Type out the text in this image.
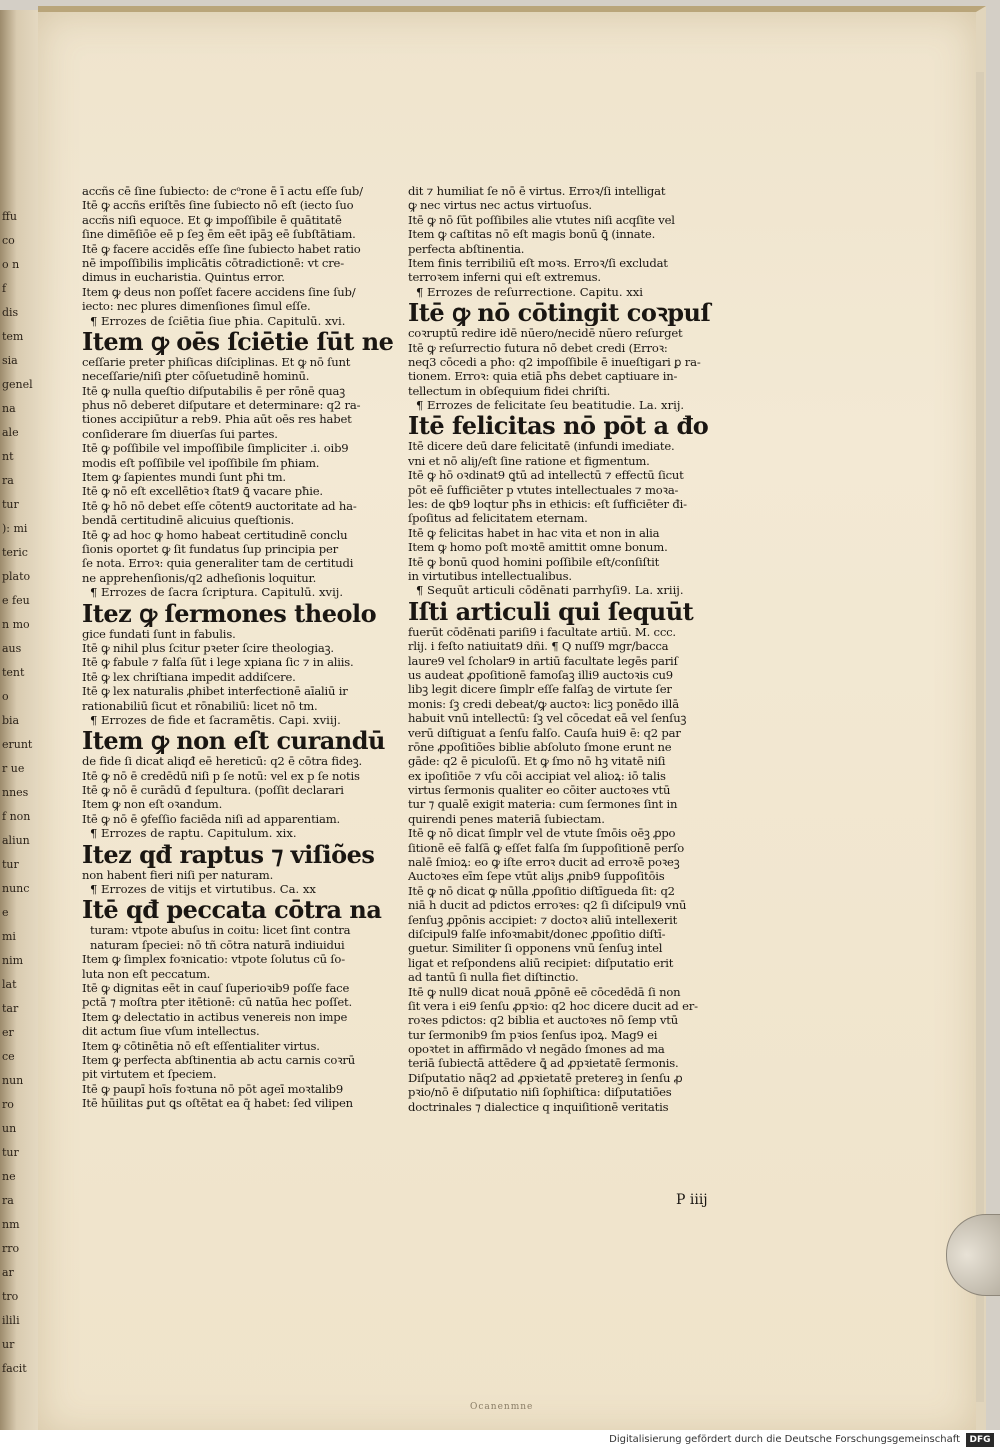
ffu
co
o n
f
dis
tem
sia
genel
na
ale
nt
ra
tur
): mi
teric
plato
e feu
n mo
aus
tent
o
bia
erunt
r ue
nnes
f non
aliun
tur
nunc
e
mi
nim
lat
tar
er
ce
nun
ro
un
tur
ne
ra
nm
rro
ar
tro
ilili
ur
facit
accñs cē ſine ſubiecto: de cᵒrone ē ī actu eſſe ſub/
Itē ꝙ accñs eriſtēs ſine ſubiecto nō eſt (iecto ſuo
accñs niſi equoce. Et ꝙ impoſſibile ē quātitatē
ſine dimēſiōe eē p ſeꝫ ēm eēt ipāꝫ eē ſubſtātiam.
Itē ꝙ facere accidēs eſſe ſine ſubiecto habet ratio
nē impoſſibilis implicātis cōtradictionē: vt cre-
dimus in eucharistia. Quintus error.
Item ꝙ deus non poſſet facere accidens ſine ſub/
iecto: nec plures dimenſiones ſimul eſſe.
¶ Errozes de ſciētia ſiue pħia. Capitulū. xvi.
Item ꝙ oēs ſciētie ſūt ne
ceſſarie preter phiſicas diſciplinas. Et ꝙ nō ſunt
neceſſarie/niſi ꝑter cōſuetudinē hominū.
Itē ꝙ nulla queſtio diſputabilis ē per rōnē quaꝫ
phus nō deberet diſputare et determinare: q2 ra-
tiones accipiūtur a reb9. Phia aūt oēs res habet
conſiderare ſm diuerſas ſui partes.
Itē ꝙ poſſibile vel impoſſibile ſimpliciter .i. oib9
modis eſt poſſibile vel ipoſſibile ſm pħiam.
Item ꝙ ſapientes mundi ſunt pħi tm.
Itē ꝙ nō eſt excellētioꝛ ſtat9 ꝗ̄ vacare pħie.
Itē ꝙ hō nō debet eſſe cōtent9 auctoritate ad ha-
bendā certitudinē alicuius queſtionis.
Itē ꝙ ad hoc ꝙ homo habeat certitudinē conclu
ſionis oportet ꝙ ſit fundatus ſup principia per
ſe nota. Erroꝛ: quia generaliter tam de certitudi
ne apprehenſionis/q2 adheſionis loquitur.
¶ Errozes de ſacra ſcriptura. Capitulū. xvij.
Itez ꝙ ſermones theolo
gice fundati ſunt in fabulis.
Itē ꝙ nihil plus ſcitur pꝛeter ſcire theologiaꝫ.
Itē ꝙ fabule ⁊ falſa ſūt i lege xpiana ſic ⁊ in aliis.
Itē ꝙ lex chriſtiana impedit addiſcere.
Itē ꝙ lex naturalis ꝓhibet interfectionē aīaliū ir
rationabiliū ſicut et rōnabiliū: licet nō tm.
¶ Errozes de fide et ſacramētis. Capi. xviij.
Item ꝙ non eſt curandū
de fide ſi dicat aliqđ eē hereticū: q2 ē cōtra fideꝫ.
Itē ꝙ nō ē credēdū niſi p ſe notū: vel ex p ſe notis
Itē ꝙ nō ē curādū đ ſepultura. (poſſit declarari
Item ꝙ non eſt oꝛandum.
Itē ꝙ nō ē ꝯfeſſio faciēda niſi ad apparentiam.
¶ Errozes de raptu. Capitulum. xix.
Itez qđ raptus ⁊ viſiões
non habent fieri niſi per naturam.
¶ Errozes de vitijs et virtutibus. Ca. xx
Itē qđ peccata cōtra na
turam: vtpote abuſus in coitu: licet ſint contra
naturam ſpeciei: nō tñ cōtra naturā indiuidui
Item ꝙ ſimplex foꝛnicatio: vtpote ſolutus cū ſo-
luta non eſt peccatum.
Itē ꝙ dignitas eēt in cauſ ſuperioꝛib9 poſſe face
pctā ⁊ moſtra pter itētionē: cū natūa hec poſſet.
Item ꝙ delectatio in actibus venereis non impe
dit actum ſiue vſum intellectus.
Item ꝙ cōtinētia nō eſt eſſentialiter virtus.
Item ꝙ perfecta abſtinentia ab actu carnis coꝛrū
pit virtutem et ſpeciem.
Itē ꝙ paupī hoīs foꝛtuna nō pōt ageī moꝛtalib9
Itē hūilitas ꝑut ꝗs oſtētat ea q̄ habet: ſed vilipen
dit ⁊ humiliat ſe nō ē virtus. Erroꝛ/ſi intelligat
ꝙ nec virtus nec actus virtuoſus.
Itē ꝙ nō ſūt poſſibiles alie vtutes niſi acqſite vel
Item ꝙ caſtitas nō eſt magis bonū ꝗ̄ (innate.
perfecta abſtinentia.
Item finis terribiliū eſt moꝛs. Erroꝛ/ſi excludat
terroꝛem inferni qui eſt extremus.
¶ Errozes de reſurrectione. Capitu. xxi
Itē ꝙ nō cōtingit coꝛpuſ
coꝛruptū redire idē nūero/necidē nūero reſurget
Itē ꝙ reſurrectio futura nō debet credi (Erroꝛ:
neq3 cōcedi a pħo: q2 impoſſibile ē inueſtigari ꝑ ra-
tionem. Erroꝛ: quia etiā pħs debet captiuare in-
tellectum in obſequium fidei chriſti.
¶ Errozes de felicitate ſeu beatitudie. La. xrij.
Itē felicitas nō pōt a đo
Itē dicere deū dare felicitatē (infundi imediate.
vni et nō aliȷ/eſt ſine ratione et figmentum.
Itē ꝙ hō oꝛdinat9 ꝗtū ad intellectū ⁊ effectū ſicut
pōt eē ſufficiēter p vtutes intellectuales ⁊ moꝛa-
les: de ꝗb9 loqtur pħs in ethicis: eſt ſufficiēter đi-
ſpoſitus ad felicitatem eternam.
Itē ꝙ felicitas habet in hac vita et non in alia
Item ꝙ homo poſt moꝛtē amittit omne bonum.
Itē ꝙ bonū quod homini poſſibile eſt/conſiſtit
in virtutibus intellectualibus.
¶ Sequūt articuli cōdēnati parrhyſi9. La. xriij.
Iſti articuli qui ſequūt
fuerūt cōdēnati pariſi9 i facultate artiū. M. ccc.
rlij. i feſto natiuitat9 dñi. ¶ Q nuſſ9 mgr/bacca
laure9 vel ſcholar9 in artiū facultate legēs pariſ
us audeat ꝓpoſitionē famoſaꝫ illi9 auctoꝛis cu9
libꝫ legit dicere ſimplr eſſe falſaꝫ de virtute ſer
monis: ſꝫ credi debeat/ꝙ auctoꝛ: licꝫ ponēdo illā
habuit vnū intellectū: ſꝫ vel cōcedat eā vel ſenſuꝫ
verū diſtiguat a ſenſu falſo. Cauſa hui9 ē: q2 par
rōne ꝓpoſitiões biblie abſoluto ſmone erunt ne
gāde: q2 ē piculoſū. Et ꝙ ſmo nō hꝫ vitatē niſi
ex ipoſitiōe ⁊ vſu cōi accipiat vel alioꝝ: iō talis
virtus ſermonis qualiter eo cōiter auctoꝛes vtū
tur ⁊ qualē exigit materia: cum ſermones ſint in
quirendi penes materiā ſubiectam.
Itē ꝙ nō dicat ſimplr vel de vtute ſmōis oēꝫ ꝓpo
ſitionē eē falſā ꝙ eſſet falſa ſm ſuppoſitionē perſo
nalē ſmioꝝ: eo ꝙ iſte erroꝛ ducit ad erroꝛē poꝛeꝫ
Auctoꝛes eīm ſepe vtūt aliȷs ꝓnib9 ſuppoſitōis
Itē ꝙ nō dicat ꝙ nūlla ꝓpoſitio diſtīgueda ſit: q2
niā h ducit ad pdictos erroꝛes: q2 ſi diſcipul9 vnū
ſenſuꝫ ꝓpōnis accipiet: ⁊ doctoꝛ aliū intellexerit
diſcipul9 falſe infoꝛmabit/donec ꝓpoſitio diſtī-
guetur. Similiter ſi opponens vnū ſenſuꝫ intel
ligat et reſpondens aliū recipiet: diſputatio erit
ad tantū ſi nulla fiet diſtinctio.
Itē ꝙ null9 dicat nouā ꝓpōnē eē cōcedēdā ſi non
ſit vera i ei9 ſenſu ꝓpꝛio: q2 hoc dicere ducit ad er-
roꝛes pdictos: q2 biblia et auctoꝛes nō ſemp vtū
tur ſermonib9 ſm pꝛios ſenſus ipoꝝ. Mag9 ei
opoꝛtet in affirmādo vł negādo ſmones ad ma
teriā ſubiectā attēdere ꝗ̄ ad ꝓpꝛietatē ſermonis.
Diſputatio nāq2 ad ꝓpꝛietatē pretereꝫ in ſenſu ꝓ
pꝛio/nō ē diſputatio niſi ſophiſtica: diſputatiōes
doctrinales ⁊ dialectice q inquiſitionē veritatis
P iiij
Ocanenmne
Digitalisierung gefördert durch die Deutsche Forschungsgemeinschaft	DFG
